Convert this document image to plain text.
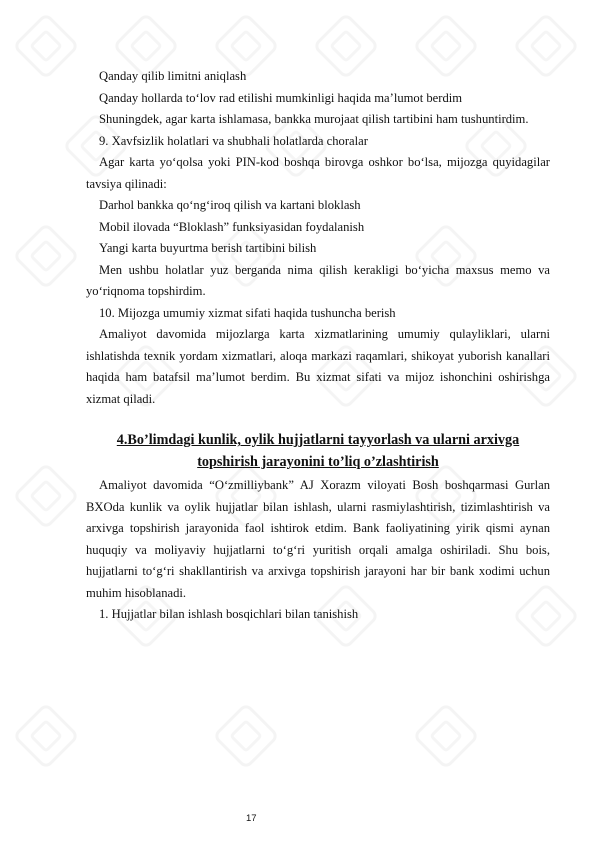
Qanday qilib limitni aniqlash

Qanday hollarda to‘lov rad etilishi mumkinligi haqida ma’lumot berdim

Shuningdek, agar karta ishlamasa, bankka murojaat qilish tartibini ham tushuntirdim.

9. Xavfsizlik holatlari va shubhali holatlarda choralar

Agar karta yo‘qolsa yoki PIN-kod boshqa birovga oshkor bo‘lsa, mijozga quyidagilar tavsiya qilinadi:

Darhol bankka qo‘ng‘iroq qilish va kartani bloklash

Mobil ilovada “Bloklash” funksiyasidan foydalanish

Yangi karta buyurtma berish tartibini bilish

Men ushbu holatlar yuz berganda nima qilish kerakligi bo‘yicha maxsus memo va yo‘riqnoma topshirdim.

10. Mijozga umumiy xizmat sifati haqida tushuncha berish

Amaliyot davomida mijozlarga karta xizmatlarining umumiy qulayliklari, ularni ishlatishda texnik yordam xizmatlari, aloqa markazi raqamlari, shikoyat yuborish kanallari haqida ham batafsil ma’lumot berdim. Bu xizmat sifati va mijoz ishonchini oshirishga xizmat qiladi.

4.Bo’limdagi kunlik, oylik hujjatlarni tayyorlash va ularni arxivga
topshirish jarayonini to’liq o’zlashtirish

Amaliyot davomida “O‘zmilliybank” AJ Xorazm viloyati Bosh boshqarmasi Gurlan BXOda kunlik va oylik hujjatlar bilan ishlash, ularni rasmiylashtirish, tizimlashtirish va arxivga topshirish jarayonida faol ishtirok etdim. Bank faoliyatining yirik qismi aynan huquqiy va moliyaviy hujjatlarni to‘g‘ri yuritish orqali amalga oshiriladi. Shu bois, hujjatlarni to‘g‘ri shakllantirish va arxivga topshirish jarayoni har bir bank xodimi uchun muhim hisoblanadi.

1. Hujjatlar bilan ishlash bosqichlari bilan tanishish

17
